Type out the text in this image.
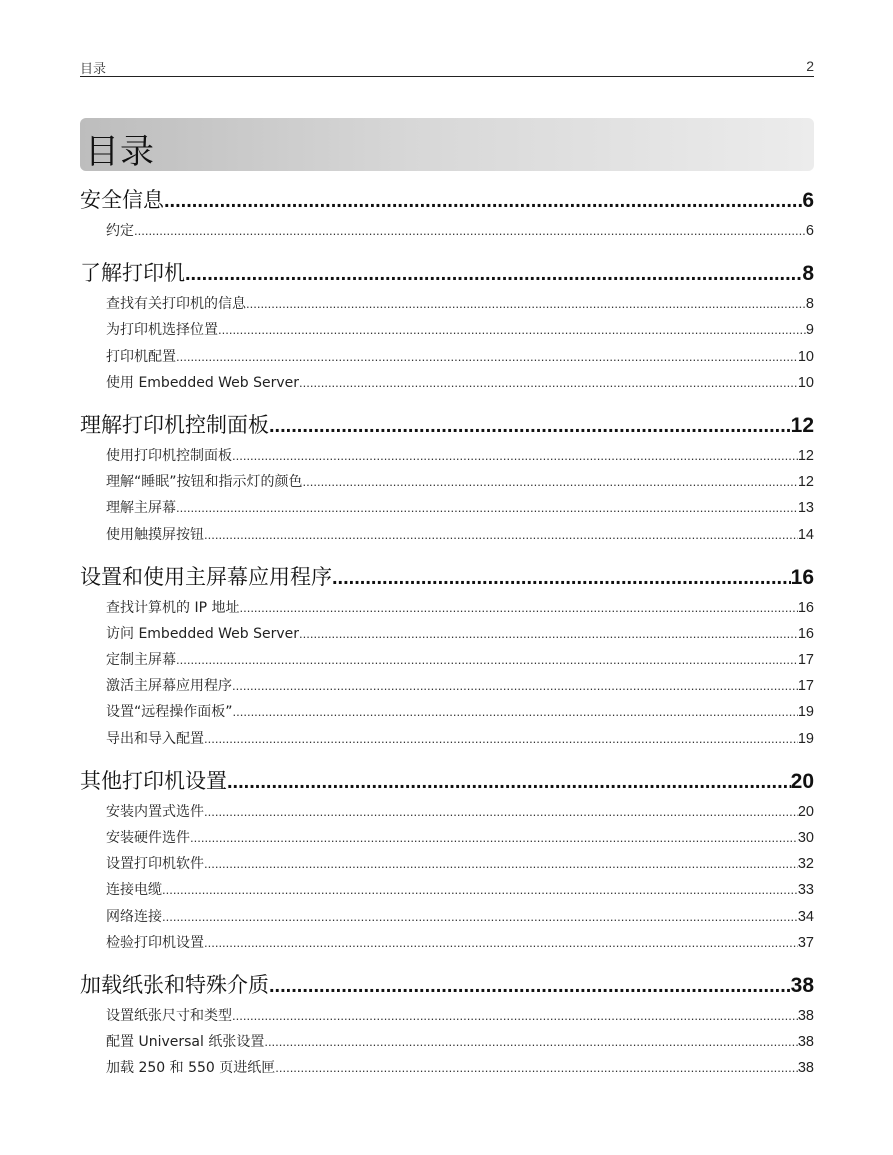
目录	2
目录
安全信息 .....	6
约定 .....	6
了解打印机 .....	8
查找有关打印机的信息 .....	8
为打印机选择位置 .....	9
打印机配置 .....	10
使用 Embedded Web Server .....	10
理解打印机控制面板 .....	12
使用打印机控制面板 .....	12
理解“睡眠”按钮和指示灯的颜色 .....	12
理解主屏幕 .....	13
使用触摸屏按钮 .....	14
设置和使用主屏幕应用程序 .....	16
查找计算机的 IP 地址 .....	16
访问 Embedded Web Server .....	16
定制主屏幕 .....	17
激活主屏幕应用程序 .....	17
设置“远程操作面板” .....	19
导出和导入配置 .....	19
其他打印机设置 .....	20
安装内置式选件 .....	20
安装硬件选件 .....	30
设置打印机软件 .....	32
连接电缆 .....	33
网络连接 .....	34
检验打印机设置 .....	37
加载纸张和特殊介质 .....	38
设置纸张尺寸和类型 .....	38
配置 Universal 纸张设置 .....	38
加载 250 和 550 页进纸匣 .....	38
